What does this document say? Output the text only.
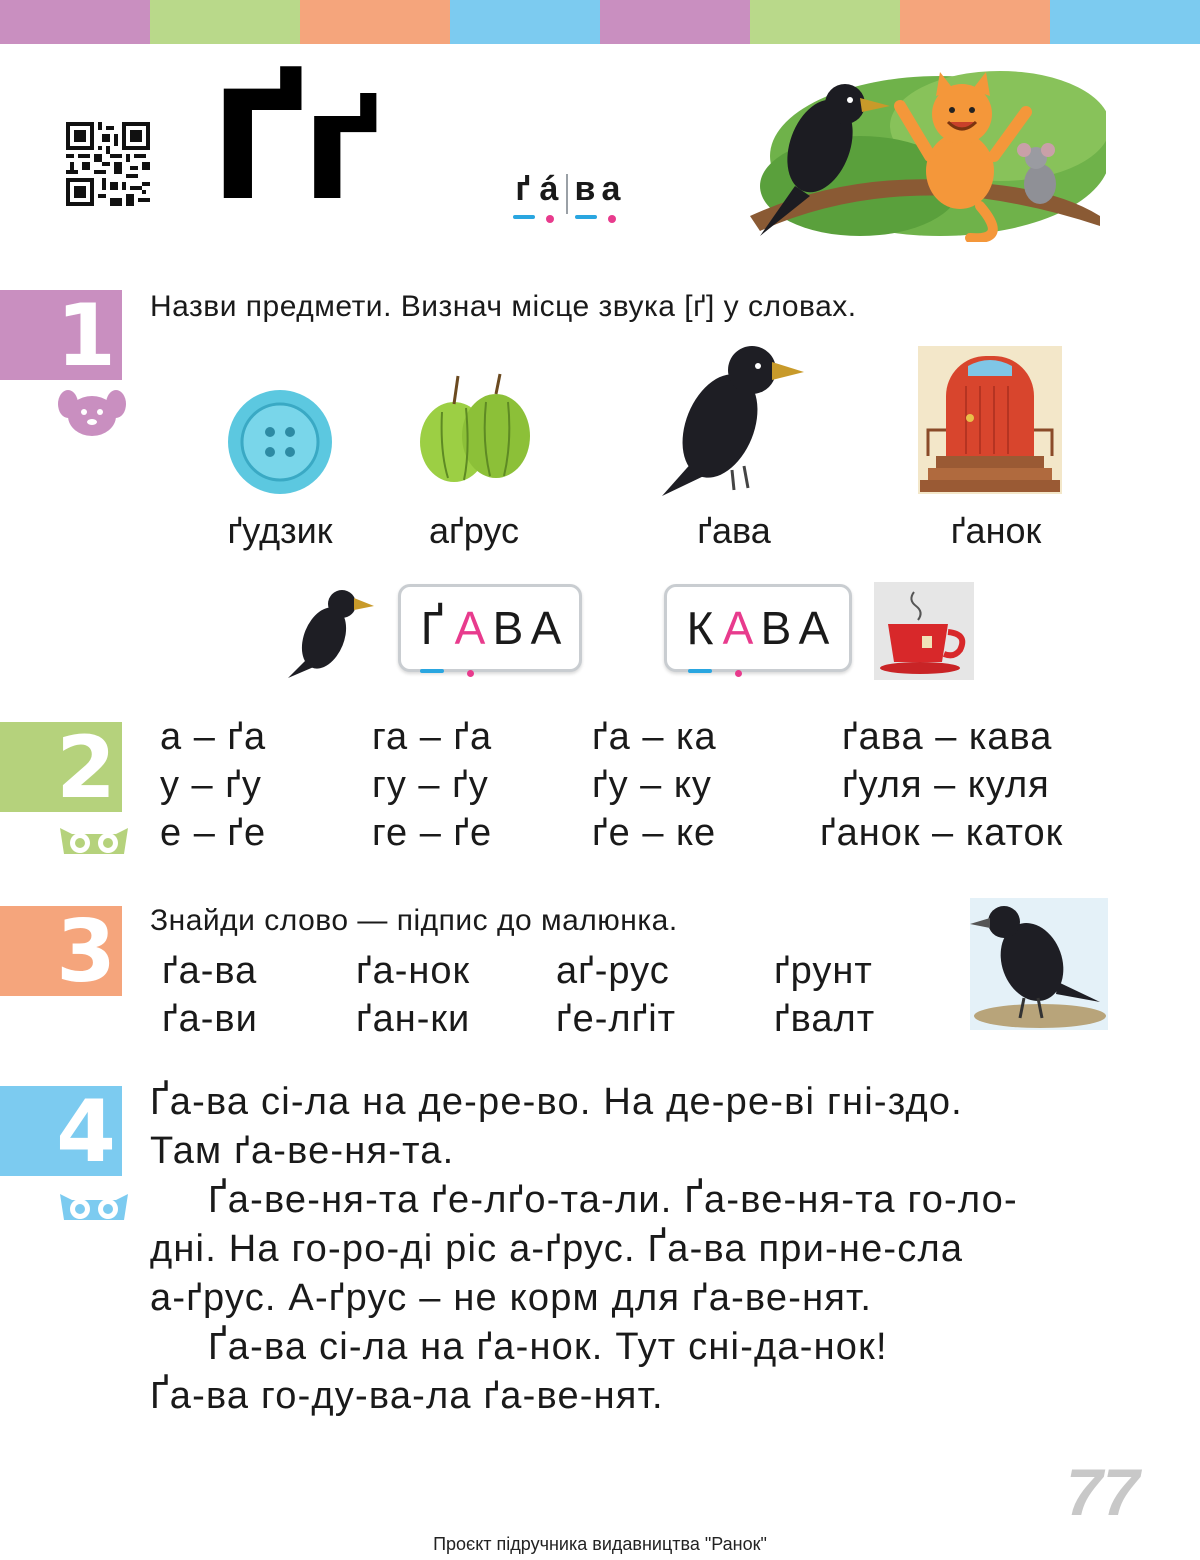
Ґґ	ґ á в а
1 Назви предмети. Визнач місце звука [ґ] у словах.
ґудзик	аґрус	ґава	ґанок
Ґ А В А	К А В А
2 а – ґа	га – ґа	ґа – ка	ґава – кава
у – ґу	гу – ґу	ґу – ку	ґуля – куля
е – ґе	ге – ґе	ґе – ке	ґанок – каток
3 Знайди слово — підпис до малюнка.
ґа-ва	ґа-нок аґ-рус	ґрунт
ґа-ви	ґан-ки ґе-лґіт	ґвалт
4 Ґа-ва сі-ла на де-ре-во. На де-ре-ві гні-здо.

Там ґа-ве-ня-та.

Ґа-ве-ня-та ґе-лґо-та-ли. Ґа-ве-ня-та го-ло-

дні. На го-ро-ді ріс а-ґрус. Ґа-ва при-не-сла

а-ґрус. А-ґрус – не корм для ґа-ве-нят.

Ґа-ва сі-ла на ґа-нок. Тут сні-да-нок!

Ґа-ва го-ду-ва-ла ґа-ве-нят.

77
Проєкт підручника видавництва "Ранок"
